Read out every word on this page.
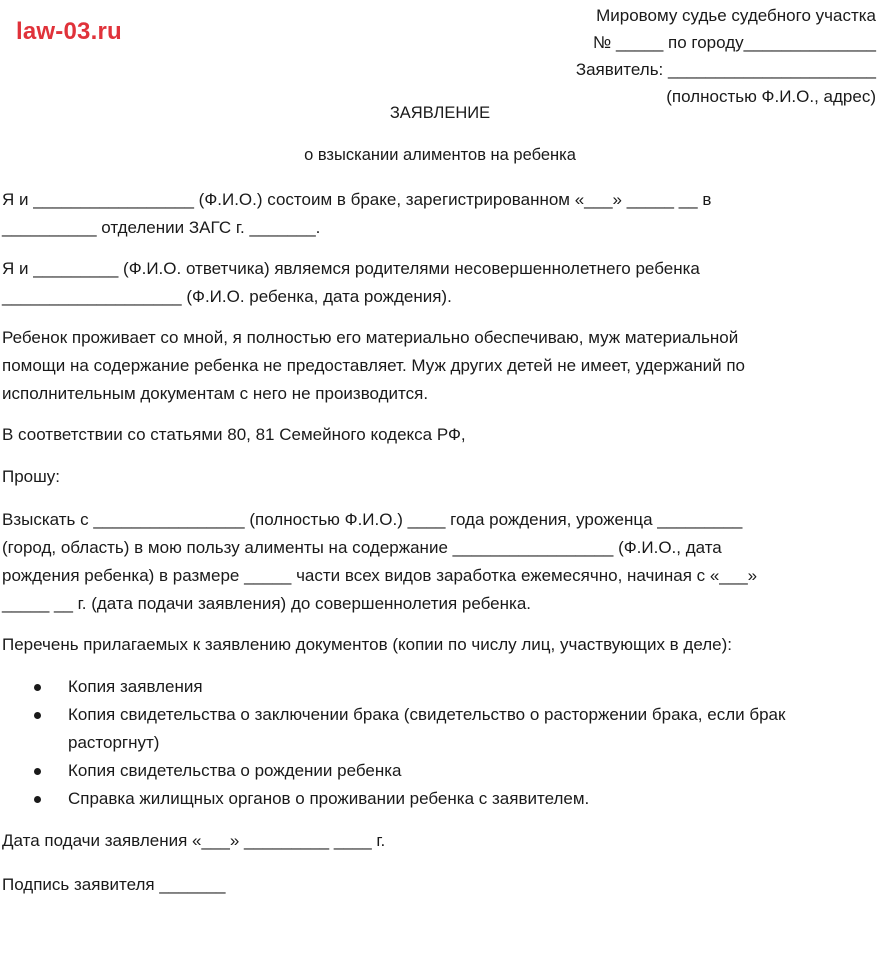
law-03.ru
Мировому судье судебного участка
№ _____ по городу______________
Заявитель: ______________________
(полностью Ф.И.О., адрес)
ЗАЯВЛЕНИЕ
о взыскании алиментов на ребенка
Я и _________________ (Ф.И.О.) состоим в браке, зарегистрированном «___» _____ __ в
__________ отделении ЗАГС г. _______.
Я и _________ (Ф.И.О. ответчика) являемся родителями несовершеннолетнего ребенка
___________________ (Ф.И.О. ребенка, дата рождения).
Ребенок проживает со мной, я полностью его материально обеспечиваю, муж материальной
помощи на содержание ребенка не предоставляет. Муж других детей не имеет, удержаний по
исполнительным документам с него не производится.
В соответствии со статьями 80, 81 Семейного кодекса РФ,
Прошу:
Взыскать с ________________ (полностью Ф.И.О.) ____ года рождения, уроженца _________
(город, область) в мою пользу алименты на содержание _________________ (Ф.И.О., дата
рождения ребенка) в размере _____ части всех видов заработка ежемесячно, начиная с «___»
_____ __ г. (дата подачи заявления) до совершеннолетия ребенка.
Перечень прилагаемых к заявлению документов (копии по числу лиц, участвующих в деле):
Копия заявления
Копия свидетельства о заключении брака (свидетельство о расторжении брака, если брак
расторгнут)
Копия свидетельства о рождении ребенка
Справка жилищных органов о проживании ребенка с заявителем.
Дата подачи заявления «___» _________ ____ г.
Подпись заявителя _______
